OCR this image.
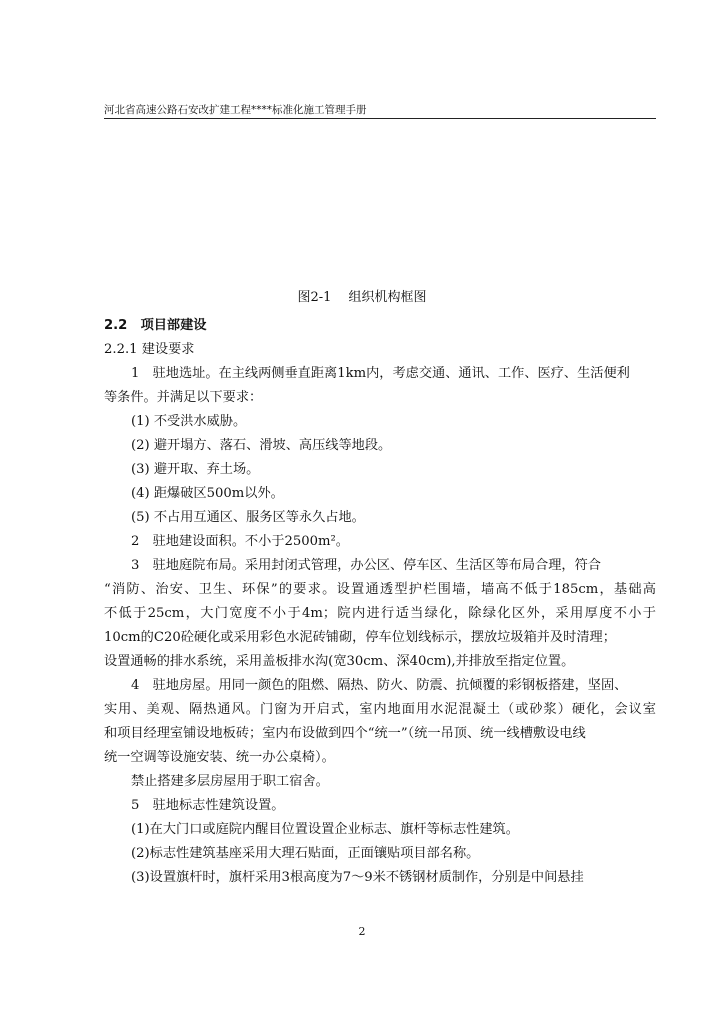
河北省高速公路石安改扩建工程****标准化施工管理手册
图2-1　 组织机构框图
2.2　 项目部建设
2.2.1 建设要求
1　驻地选址。在主线两侧垂直距离1km内，考虑交通、通讯、工作、医疗、生活便利
等条件。并满足以下要求：
(1) 不受洪水威胁。
(2) 避开塌方、落石、滑坡、高压线等地段。
(3) 避开取、弃土场。
(4) 距爆破区500m以外。
(5) 不占用互通区、服务区等永久占地。
2　驻地建设面积。不小于2500m²。
3　驻地庭院布局。采用封闭式管理，办公区、停车区、生活区等布局合理，符合
“消防、治安、卫生、环保”的要求。设置通透型护栏围墙，墙高不低于185cm，基础高
不低于25cm，大门宽度不小于4m；院内进行适当绿化，除绿化区外，采用厚度不小于
10cm的C20砼硬化或采用彩色水泥砖铺砌，停车位划线标示，摆放垃圾箱并及时清理；
设置通畅的排水系统，采用盖板排水沟(宽30cm、深40cm),并排放至指定位置。
4　驻地房屋。用同一颜色的阻燃、隔热、防火、防震、抗倾覆的彩钢板搭建，坚固、
实用、美观、隔热通风。门窗为开启式，室内地面用水泥混凝土（或砂浆）硬化，会议室
和项目经理室铺设地板砖；室内布设做到四个“统一”（统一吊顶、统一线槽敷设电线
统一空调等设施安装、统一办公桌椅）。
禁止搭建多层房屋用于职工宿舍。
5　驻地标志性建筑设置。
(1)在大门口或庭院内醒目位置设置企业标志、旗杆等标志性建筑。
(2)标志性建筑基座采用大理石贴面，正面镶贴项目部名称。
(3)设置旗杆时，旗杆采用3根高度为7～9米不锈钢材质制作，分别是中间悬挂
2
